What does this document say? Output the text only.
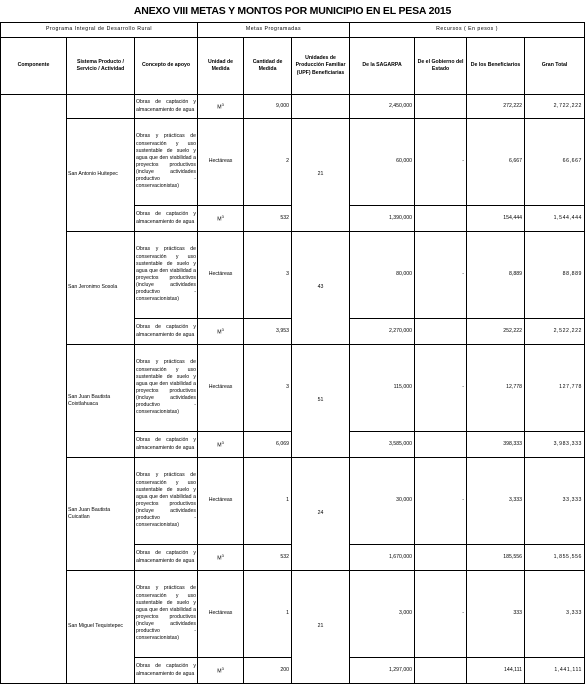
ANEXO VIII METAS Y MONTOS POR MUNICIPIO EN EL PESA 2015
Programa Integral de Desarrollo Rural			Metas Programadas			Recursos ( En pesos )			
Componente	Sistema Producto / Servicio / Actividad	Concepto de apoyo	Unidad de Medida	Cantidad de Medida	Unidades de Producción Familiar (UPF) Beneficiarias	De la SAGARPA	De el Gobierno del Estado	De los Beneficiarios	Gran Total
		Obras de captación y almacenamiento de agua	$M^3$	9,000		2,450,000		272,222	2,722,222
	San Antonio Huitepec	Obras y prácticas de conservación y uso sustentable de suelo y agua que den viabilidad a proyectos productivos (incluye actividades productivo - conservacionistas)	Hectáreas	2	21	60,000	-	6,667	66,667
		Obras de captación y almacenamiento de agua	$M^3$	532		1,390,000		154,444	1,544,444
	San Jeronimo Sosola	Obras y prácticas de conservación y uso sustentable de suelo y agua que den viabilidad a proyectos productivos (incluye actividades productivo - conservacionistas)	Hectáreas	3	43	80,000	-	8,889	88,889
		Obras de captación y almacenamiento de agua	$M^3$	3,953		2,270,000		252,222	2,522,222
	San Juan Bautista Coixtlahuaca	Obras y prácticas de conservación y uso sustentable de suelo y agua que den viabilidad a proyectos productivos (incluye actividades productivo - conservacionistas)	Hectáreas	3	51	115,000	-	12,778	127,778
		Obras de captación y almacenamiento de agua	$M^3$	6,069		3,585,000		398,333	3,983,333
	San Juan Bautista Cuicatlan	Obras y prácticas de conservación y uso sustentable de suelo y agua que den viabilidad a proyectos productivos (incluye actividades productivo - conservacionistas)	Hectáreas	1	24	30,000	-	3,333	33,333
		Obras de captación y almacenamiento de agua	$M^3$	532		1,670,000		185,556	1,855,556
	San Miguel Tequixtepec	Obras y prácticas de conservación y uso sustentable de suelo y agua que den viabilidad a proyectos productivos (incluye actividades productivo - conservacionistas)	Hectáreas	1	21	3,000	-	333	3,333
		Obras de captación y almacenamiento de agua	$M^3$	200		1,297,000		144,111	1,441,111
